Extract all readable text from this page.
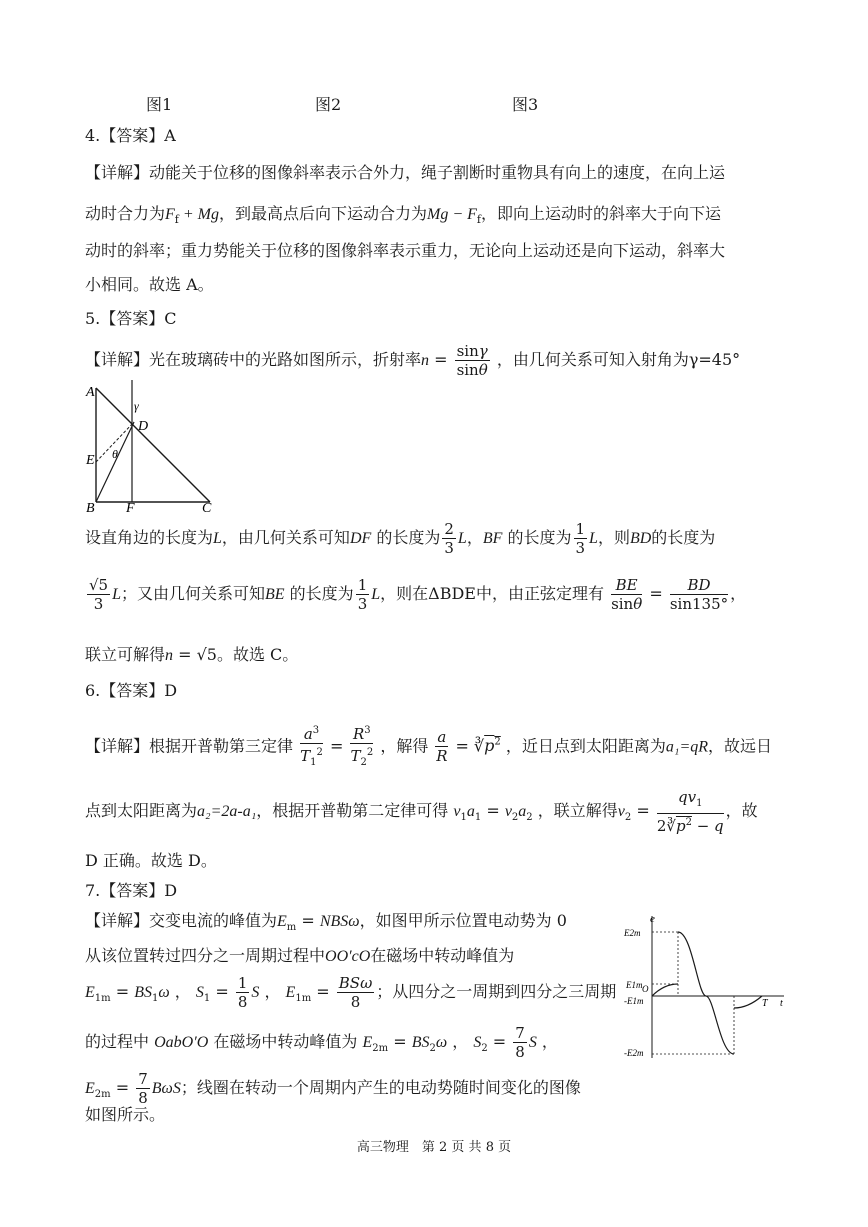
图1	图2	图3
4.【答案】A
【详解】动能关于位移的图像斜率表示合外力，绳子割断时重物具有向上的速度，在向上运
动时合力为$F_f + Mg$，到最高点后向下运动合力为$Mg - F_f$，即向上运动时的斜率大于向下运
动时的斜率；重力势能关于位移的图像斜率表示重力，无论向上运动还是向下运动，斜率大
小相同。故选 A。
5.【答案】C
【详解】光在玻璃砖中的光路如图所示，折射率$n = \frac{\sin\gamma}{\sin\theta}$ ，由几何关系可知入射角为γ=45°
A
γ
D
E θ
B F	C
设直角边的长度为L，由几何关系可知DF 的长度为 $\frac{2}{3}$ L，BF 的长度为 $\frac{1}{3}$ L，则BD的长度为
$\frac{√5}{3}$ L；又由几何关系可知BE 的长度为 $\frac{1}{3}$ L，则在ΔBDE中，由正弦定理有 $\frac{BE}{\sin\theta} = \frac{BD}{\sin 135^\circ}$ ，
联立可解得n = √5。故选 C。
6.【答案】D
【详解】根据开普勒第三定律 $\frac{a^3}{T_1^2} = \frac{R^3}{T_2^2}$ ，解得 $\frac{a}{R}$ = $∛p^2$ ，近日点到太阳距离为a₁=qR，故远日
点到太阳距离为a₂=2a-a₁，根据开普勒第二定律可得 $v_1a_1 = v_2a_2$ ，联立解得$v_2 = \frac{qv_1}{2∛p^2 - q}$ ，故
D 正确。故选 D。
7.【答案】D
【详解】交变电流的峰值为$E_m = NBS\omega$，如图甲所示位置电动势为 0
从该位置转过四分之一周期过程中OO′cO在磁场中转动峰值为
$E_{1m} = BS_1\omega$ ， $S_1 = \frac{1}{8}$ S ， $E_{1m} = \frac{\text{BSω}}{8}$ ；从四分之一周期到四分之三周期
的过程中 OabO′O 在磁场中转动峰值为 $E_{2m} = BS_2\omega$ ， $S_2 = \frac{7}{8}$ S ，
$E_{2m} = \frac{7}{8}$ BωS；线圈在转动一个周期内产生的电动势随时间变化的图像
如图所示。
e
E2m
E1m O
-E1m	T t
-E2m
高三物理　第 2 页 共 8 页
